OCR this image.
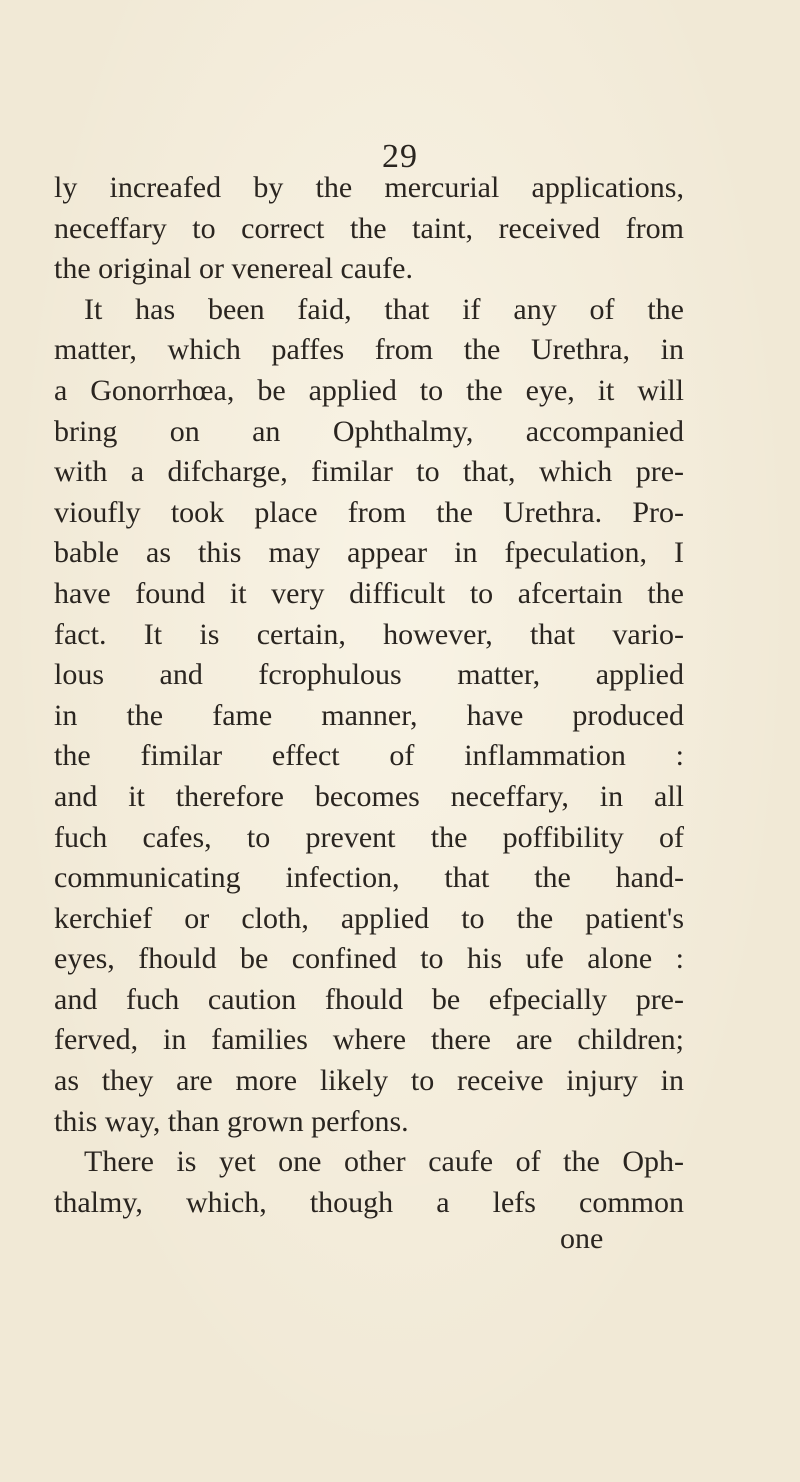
29
ly increafed by the mercurial applications,
neceffary to correct the taint, received from
the original or venereal caufe.
It has been faid, that if any of the
matter, which paffes from the Urethra, in
a Gonorrhœa, be applied to the eye, it will
bring on an Ophthalmy, accompanied
with a difcharge, fimilar to that, which pre-
vioufly took place from the Urethra. Pro-
bable as this may appear in fpeculation, I
have found it very difficult to afcertain the
fact. It is certain, however, that vario-
lous and fcrophulous matter, applied
in the fame manner, have produced
the fimilar effect of inflammation :
and it therefore becomes neceffary, in all
fuch cafes, to prevent the poffibility of
communicating infection, that the hand-
kerchief or cloth, applied to the patient's
eyes, fhould be confined to his ufe alone :
and fuch caution fhould be efpecially pre-
ferved, in families where there are children;
as they are more likely to receive injury in
this way, than grown perfons.
There is yet one other caufe of the Oph-
thalmy, which, though a lefs common
one
